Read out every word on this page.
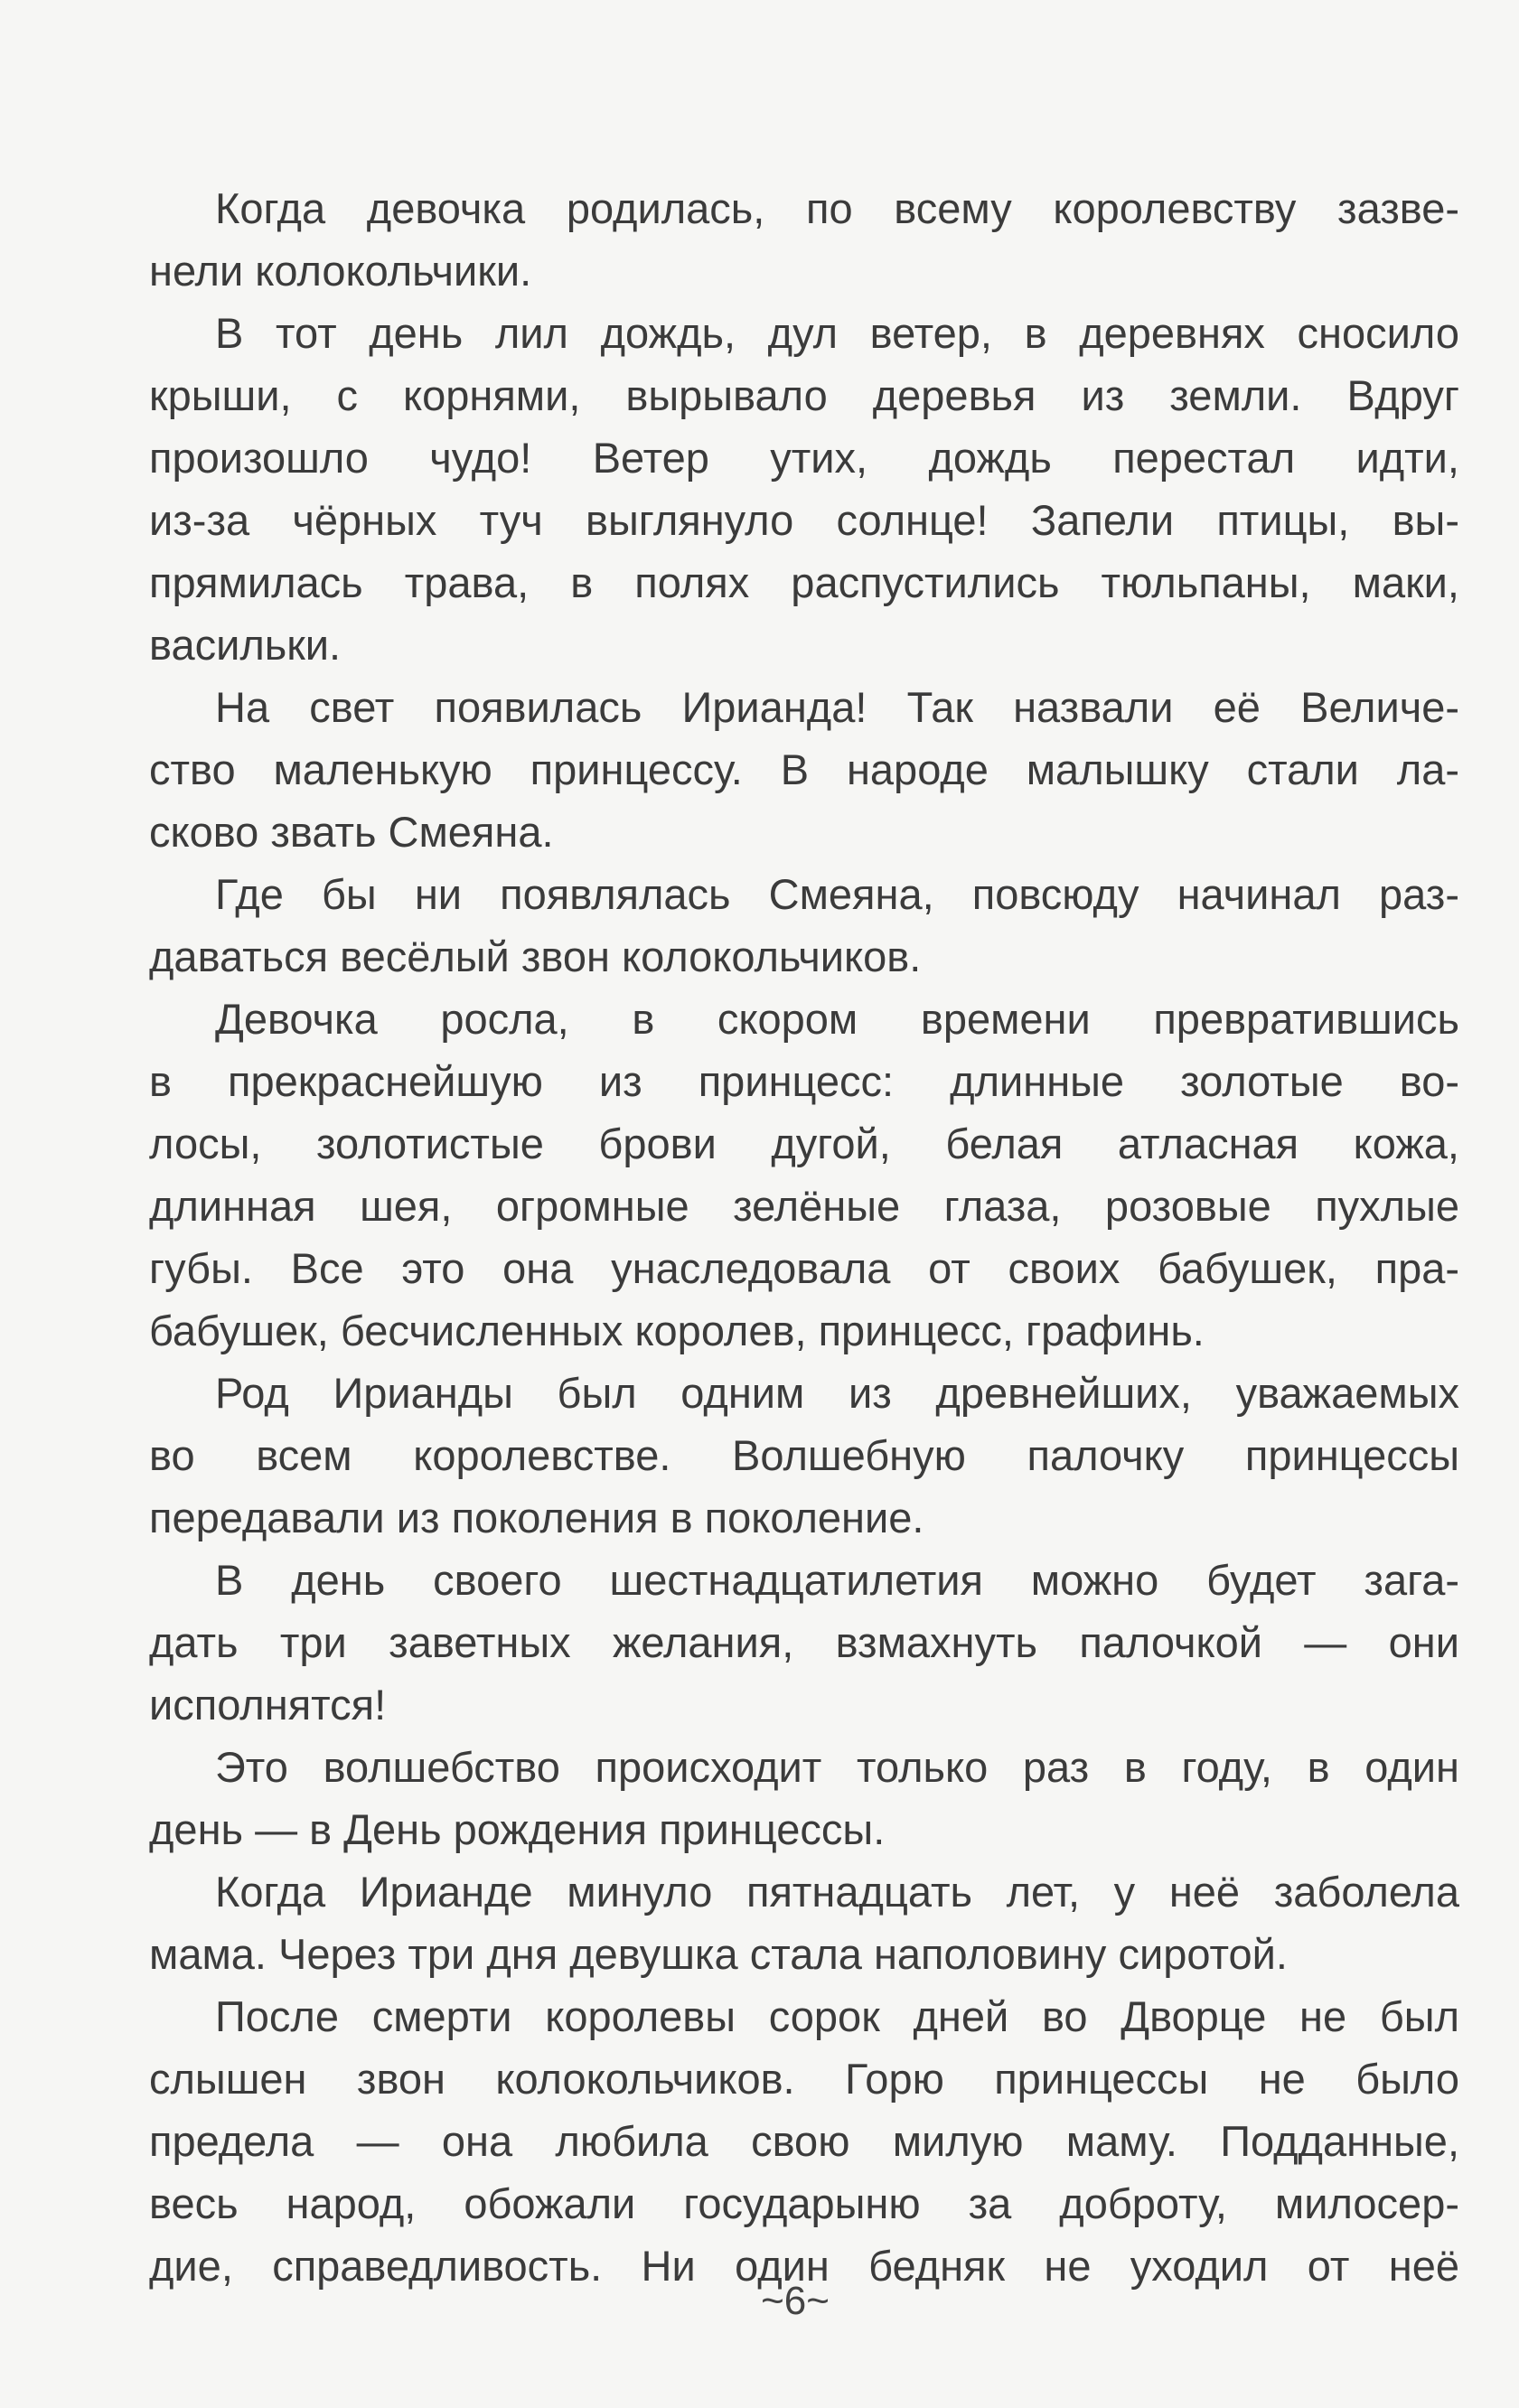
Когда девочка родилась, по всему королевству зазве-
нели колокольчики.
В тот день лил дождь, дул ветер, в деревнях сносило
крыши, с корнями, вырывало деревья из земли. Вдруг
произошло чудо! Ветер утих, дождь перестал идти,
из-за чёрных туч выглянуло солнце! Запели птицы, вы-
прямилась трава, в полях распустились тюльпаны, маки,
васильки.
На свет появилась Ирианда! Так назвали её Величе-
ство маленькую принцессу. В народе малышку стали ла-
сково звать Смеяна.
Где бы ни появлялась Смеяна, повсюду начинал раз-
даваться весёлый звон колокольчиков.
Девочка росла, в скором времени превратившись
в прекраснейшую из принцесс: длинные золотые во-
лосы, золотистые брови дугой, белая атласная кожа,
длинная шея, огромные зелёные глаза, розовые пухлые
губы. Все это она унаследовала от своих бабушек, пра-
бабушек, бесчисленных королев, принцесс, графинь.
Род Ирианды был одним из древнейших, уважаемых
во всем королевстве. Волшебную палочку принцессы
передавали из поколения в поколение.
В день своего шестнадцатилетия можно будет зага-
дать три заветных желания, взмахнуть палочкой — они
исполнятся!
Это волшебство происходит только раз в году, в один
день — в День рождения принцессы.
Когда Ирианде минуло пятнадцать лет, у неё заболела
мама. Через три дня девушка стала наполовину сиротой.
После смерти королевы сорок дней во Дворце не был
слышен звон колокольчиков. Горю принцессы не было
предела — она любила свою милую маму. Подданные,
весь народ, обожали государыню за доброту, милосер-
дие, справедливость. Ни один бедняк не уходил от неё
~6~
